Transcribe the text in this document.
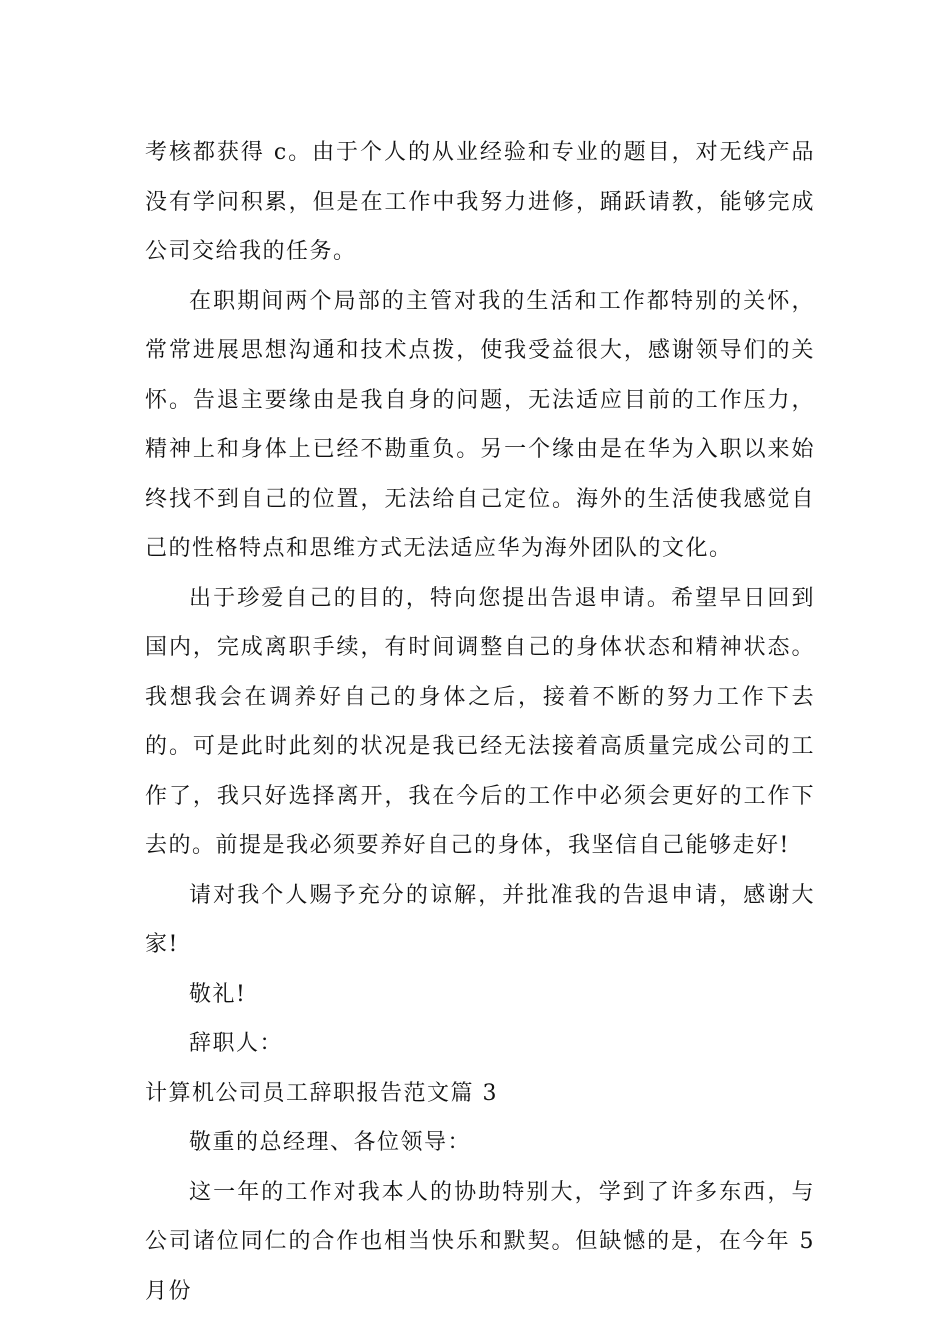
考核都获得 c。由于个人的从业经验和专业的题目，对无线产品没有学问积累，但是在工作中我努力进修，踊跃请教，能够完成公司交给我的任务。

在职期间两个局部的主管对我的生活和工作都特别的关怀，常常进展思想沟通和技术点拨，使我受益很大，感谢领导们的关怀。告退主要缘由是我自身的问题，无法适应目前的工作压力，精神上和身体上已经不勘重负。另一个缘由是在华为入职以来始终找不到自己的位置，无法给自己定位。海外的生活使我感觉自己的性格特点和思维方式无法适应华为海外团队的文化。

出于珍爱自己的目的，特向您提出告退申请。希望早日回到国内，完成离职手续，有时间调整自己的身体状态和精神状态。我想我会在调养好自己的身体之后，接着不断的努力工作下去的。可是此时此刻的状况是我已经无法接着高质量完成公司的工作了，我只好选择离开，我在今后的工作中必须会更好的工作下去的。前提是我必须要养好自己的身体，我坚信自己能够走好!

请对我个人赐予充分的谅解，并批准我的告退申请，感谢大家!

敬礼!

辞职人：

计算机公司员工辞职报告范文篇 3

敬重的总经理、各位领导：

这一年的工作对我本人的协助特别大，学到了许多东西，与公司诸位同仁的合作也相当快乐和默契。但缺憾的是，在今年 5 月份
